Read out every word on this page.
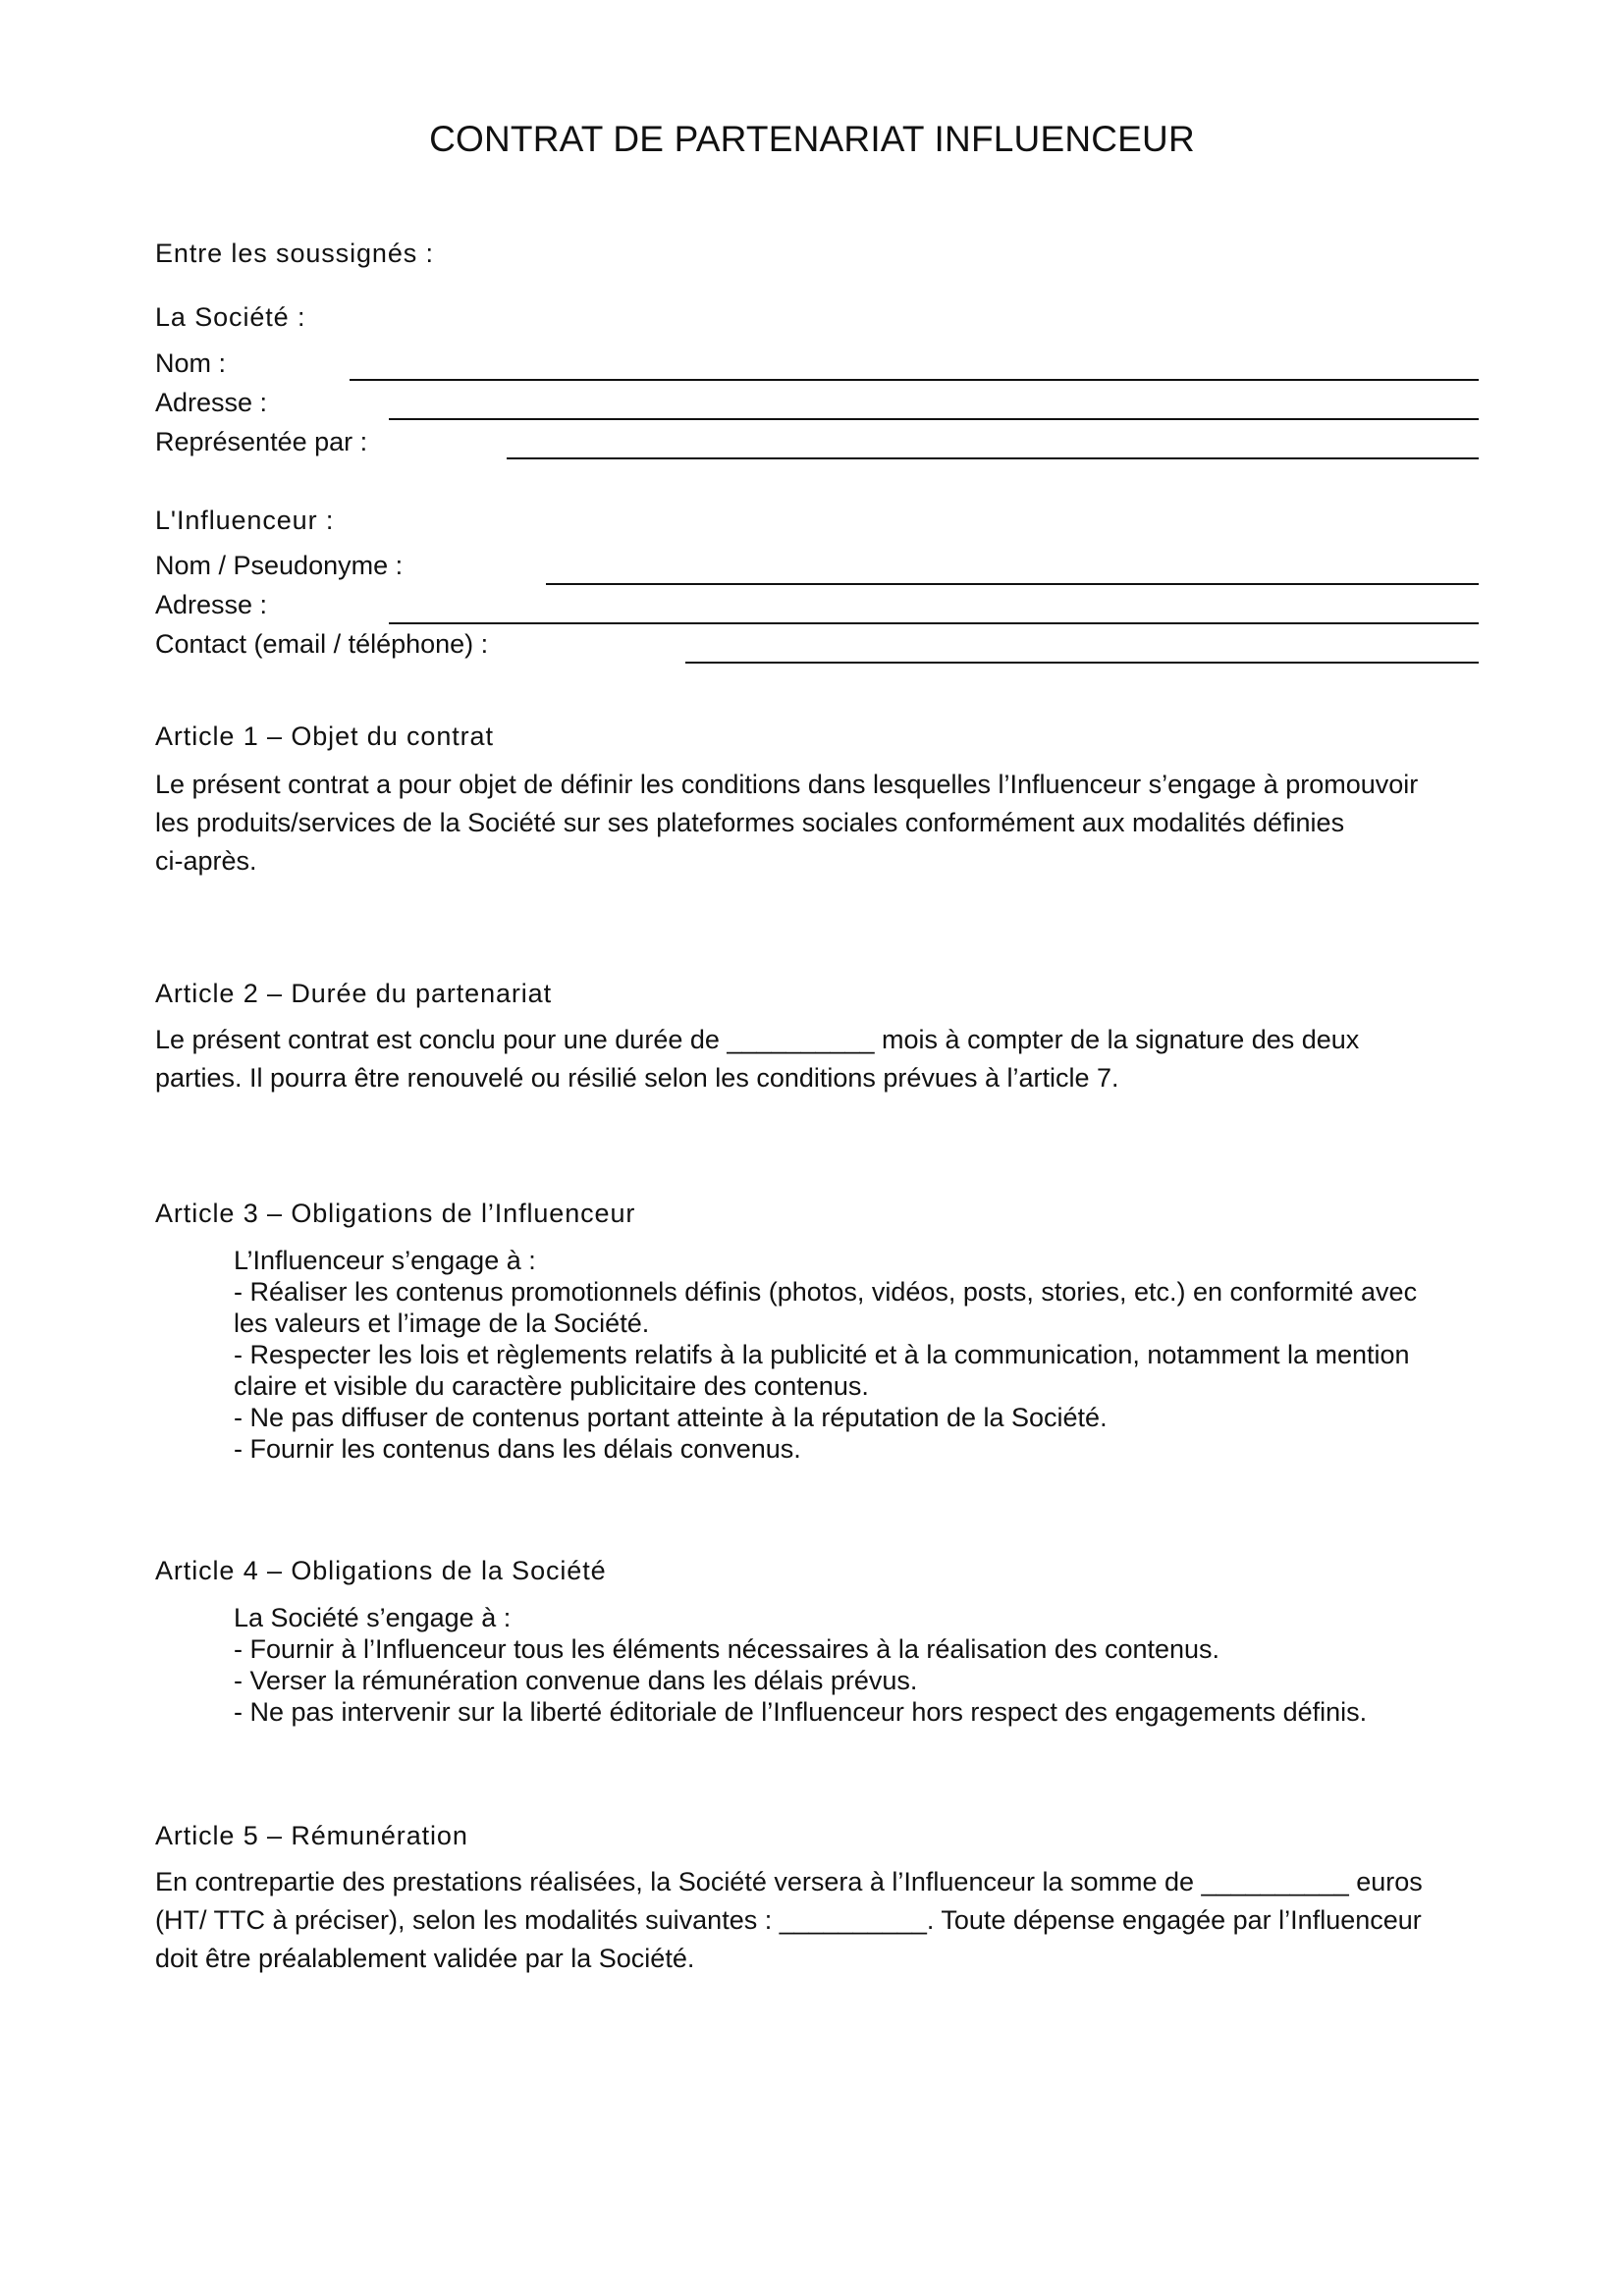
CONTRAT DE PARTENARIAT INFLUENCEUR
Entre les soussignés :
La Société :
Nom :
Adresse :
Représentée par :
L'Influenceur :
Nom / Pseudonyme :
Adresse :
Contact (email / téléphone) :
Article 1 – Objet du contrat
Le présent contrat a pour objet de définir les conditions dans lesquelles l’Influenceur s’engage à promouvoir
les produits/services de la Société sur ses plateformes sociales conformément aux modalités définies
ci-après.
Article 2 – Durée du partenariat
Le présent contrat est conclu pour une durée de __________ mois à compter de la signature des deux
parties. Il pourra être renouvelé ou résilié selon les conditions prévues à l’article 7.
Article 3 – Obligations de l’Influenceur
L’Influenceur s’engage à :
- Réaliser les contenus promotionnels définis (photos, vidéos, posts, stories, etc.) en conformité avec
les valeurs et l’image de la Société.
- Respecter les lois et règlements relatifs à la publicité et à la communication, notamment la mention
claire et visible du caractère publicitaire des contenus.
- Ne pas diffuser de contenus portant atteinte à la réputation de la Société.
- Fournir les contenus dans les délais convenus.
Article 4 – Obligations de la Société
La Société s’engage à :
- Fournir à l’Influenceur tous les éléments nécessaires à la réalisation des contenus.
- Verser la rémunération convenue dans les délais prévus.
- Ne pas intervenir sur la liberté éditoriale de l’Influenceur hors respect des engagements définis.
Article 5 – Rémunération
En contrepartie des prestations réalisées, la Société versera à l’Influenceur la somme de __________ euros
(HT/ TTC à préciser), selon les modalités suivantes : __________. Toute dépense engagée par l’Influenceur
doit être préalablement validée par la Société.
